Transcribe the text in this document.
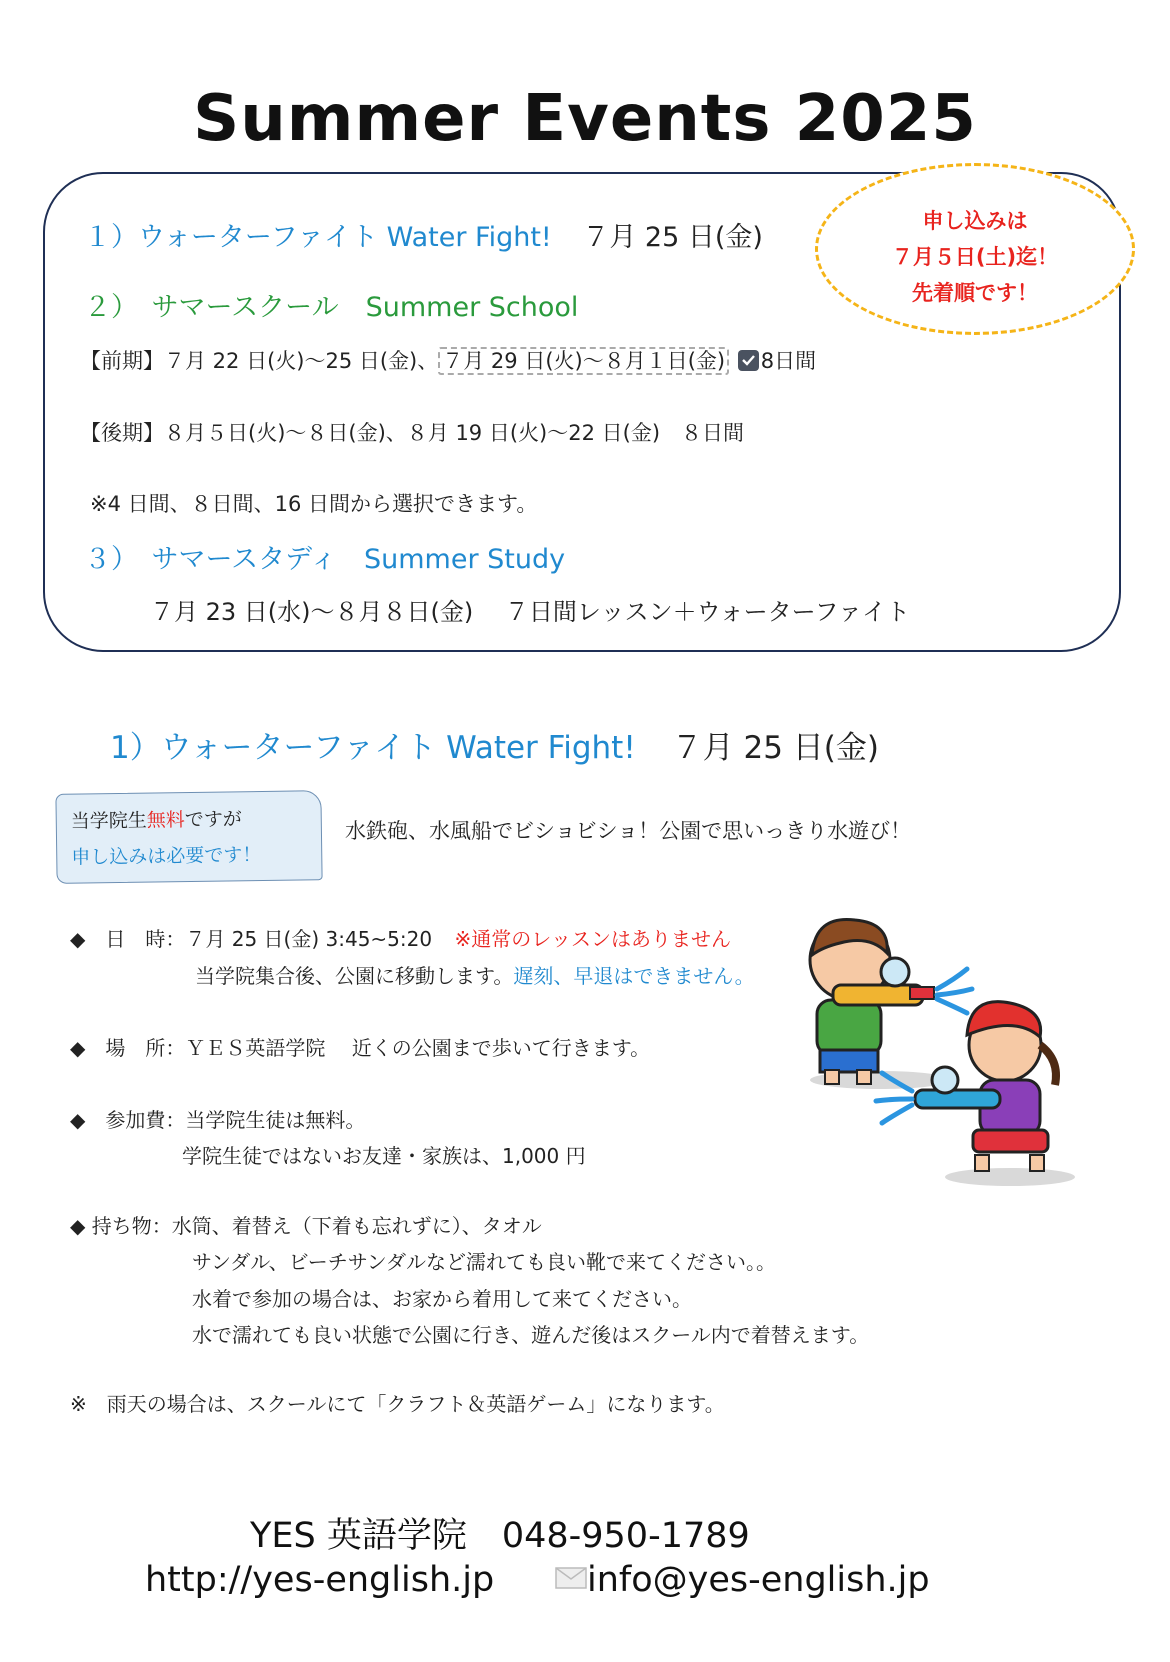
Summer Events 2025
申し込みは
７月５日(土)迄！
先着順です！
１）ウォーターファイト Water Fight! ７月 25 日(金)
２）　サマースクール　Summer School
【前期】７月 22 日(火)～25 日(金)、 ７月 29 日(火)～８月１日(金) 8日間
【後期】８月５日(火)～８日(金)、８月 19 日(火)～22 日(金)　８日間
※4 日間、８日間、16 日間から選択できます。
３）　サマースタディ　Summer Study
７月 23 日(水)～８月８日(金)　 ７日間レッスン＋ウォーターファイト
1）ウォーターファイト Water Fight! ７月 25 日(金)
当学院生無料ですが
申し込みは必要です！
水鉄砲、水風船でビショビショ！公園で思いっきり水遊び！
◆　日　時：７月 25 日(金) 3:45~5:20 ※通常のレッスンはありません
当学院集合後、公園に移動します。遅刻、早退はできません。
◆　場　所：ＹＥＳ英語学院　 近くの公園まで歩いて行きます。
◆　参加費：当学院生徒は無料。
学院生徒ではないお友達・家族は、1,000 円
◆ 持ち物：水筒、着替え（下着も忘れずに）、タオル
サンダル、ビーチサンダルなど濡れても良い靴で来てください。。
水着で参加の場合は、お家から着用して来てください。
水で濡れても良い状態で公園に行き、遊んだ後はスクール内で着替えます。
※　雨天の場合は、スクールにて「クラフト＆英語ゲーム」になります。
YES 英語学院　048-950-1789
http://yes-english.jp	info@yes-english.jp
